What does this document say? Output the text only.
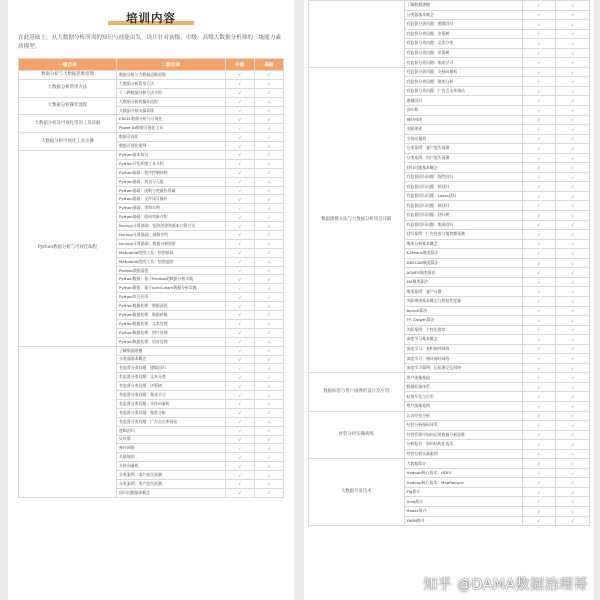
培训内容

在此基础上，从大数据分析所需的知识与技能出发，设计针对初级、中级、高级大数据分析师的三级能力素质模型。

一级目录	二级目录	中级	高级
数据分析与大数据思维原理	数据分析与大数据思维原理	√	√
大数据分析常用方法	大数据分析常用方法	√	√
	十二种数据分析方法介绍	√	√
大数据分析操作流程	大数据分析的操作流程	√	√
	大数据分析实操训练	√	√
大数据分析及可视化常用工具详解	EXCEL数据分析与可视化	√	√
	Power BI数据可视化工具	√	√
大数据分析可视化工具实操	数据可视化	√	√
	数据可视化案例	√	√
Python数据分析与可视化编程	Python基本知识	√	√
	Python开发环境工具介绍	√	√
	Python基础：程序控制结构	√	√
	Python基础：列表与元组	√	√
	Python基础：函数与变量作用域	√	√
	Python基础：文件读写操作	√	√
	Python基础：类和实例	√	√
	Python基础：面向对象介绍	√	√
	Numpy计算基础：矩阵创建和基本计算方式	√	√
	Numpy计算基础：函数介绍	√	√
	Numpy计算基础：数据分析进阶	√	√
	Matplotlib绘图工具：绘图基础	√	√
	Matplotlib绘图工具：绘图进阶	√	√
	Pandas数据清洗	√	√
	Python数据：基于Pandas的数据分析实践	√	√
	Python数据：基于scikit-learn数据分析实践	√	√
	Python综合应用	√	√
	Python数据处理：数据清洗	√	√
	Python数据处理：数据转换	√	√
	Python数据处理：文本处理	√	√
	Python数据处理：图片处理	√	√
	Python数据处理：语音处理	√	√
	了解数据建模	√	√
	分类器基本概念	√	√
	有监督分类问题：逻辑回归	√	√
	有监督分类问题：文本分类	√	√
	有监督分类问题：决策树	√	√
	有监督分类问题：集成学习	√	√
	有监督分类问题：支持向量机	√	√
	有监督分类问题：聚类分析	√	√
	有监督分类问题：广告点击率预估	√	√
	逻辑回归	√	√
	贝叶斯	√	√
	神经网络	√	√
	关联规则	√	√
	支持向量机	√	√
	分类案例：客户流失预测	√	√
	分类案例：用户流失预测	√	√
	回归问题基本概念	√	√
	了解数据建模	√	√
	分类器基本概念	√	√
	有监督分类问题：逻辑回归	√	√
	有监督分类问题：决策树	√	√
	有监督分类问题：文本分类	√	√
	有监督分类问题：决策树	√	√
	有监督分类问题：集成学习	√	√
数据建模方法与大数据分析项目详解	有监督分类问题：支持向量机	√	√
	有监督分类问题：聚类分析	√	√
	有监督分类问题：广告点击率预估	√	√
	逻辑回归	√	√
	贝叶斯	√	√
	神经网络	√	√
	关联规则	√	√
	支持向量机	√	√
	分类案例：客户流失预测	√	√
	分类案例：用户流失预测	√	√
	回归问题基本概念	√	√
	有监督回归问题：线性回归	√	√
	有监督回归问题：岭回归	√	√
	有监督回归问题：Lasso回归	√	√
	有监督回归问题：核回归	√	√
	有监督回归问题：回归树	√	√
	有监督回归问题：集成回归	√	√
	回归案例：广告投放与销售额预测	√	√
	聚类分析基本概念	√	√
	K-Means聚类算法	√	√
	DBSCAN聚类算法	√	√
	AGNES聚类算法	√	√
	EM聚类算法	√	√
	聚类案例：客户分群	√	√
	关联规则基本概念与相似性度量	√	√
	Apriori算法	√	√
	FP-Growth算法	√	√
	关联案例：个性化推荐	√	√
	深度学习基本概念	√	√
	深度学习：卷积神经网络	√	√
	深度学习：循环神经网络	√	√
	深度学习案例：长短期记忆网络	√	√
数据标签与用户画像的设计及应用	用户画像基础	√	√
	数据标签体系	√	√
	标签开发与应用	√	√
	用户画像案例	√	√
经营分析实操训练	认识经营分析	√	√
	经营分析指标体系	√	√
	经营管理中如何运用数据分析思维	√	√
	分析报告：如何结构化表达	√	√
	经营分析实战案例	√	√
大数据开发技术	大数据简介	√	√
	Hadoop核心技术：HDFS	√	√
	Hadoop核心技术：MapReduce	√	√
	Pig简介	√	√
	Hive简介	√	√
	Hbase简介	√	√
	YARN简介	√	√
知乎 @DAMA数据治理哥
